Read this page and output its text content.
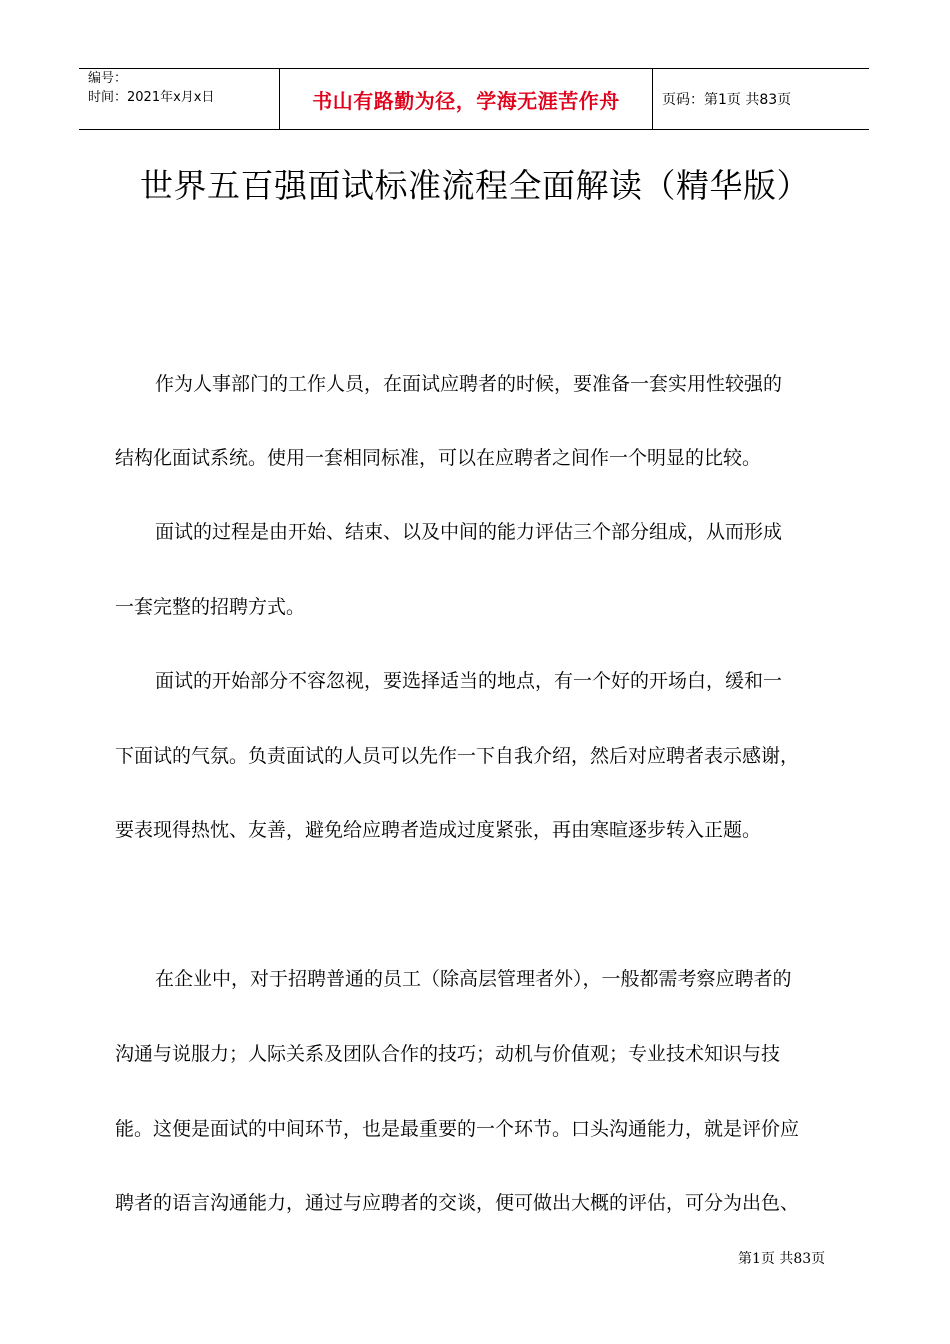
编号：
时间：2021年x月x日	书山有路勤为径，学海无涯苦作舟	页码：第1页 共83页
世界五百强面试标准流程全面解读（精华版）
作为人事部门的工作人员，在面试应聘者的时候，要准备一套实用性较强的
结构化面试系统。使用一套相同标准，可以在应聘者之间作一个明显的比较。
面试的过程是由开始、结束、以及中间的能力评估三个部分组成，从而形成
一套完整的招聘方式。
面试的开始部分不容忽视，要选择适当的地点，有一个好的开场白，缓和一
下面试的气氛。负责面试的人员可以先作一下自我介绍，然后对应聘者表示感谢，
要表现得热忱、友善，避免给应聘者造成过度紧张，再由寒暄逐步转入正题。
在企业中，对于招聘普通的员工（除高层管理者外），一般都需考察应聘者的
沟通与说服力；人际关系及团队合作的技巧；动机与价值观；专业技术知识与技
能。这便是面试的中间环节，也是最重要的一个环节。口头沟通能力，就是评价应
聘者的语言沟通能力，通过与应聘者的交谈，便可做出大概的评估，可分为出色、
第1页 共83页
